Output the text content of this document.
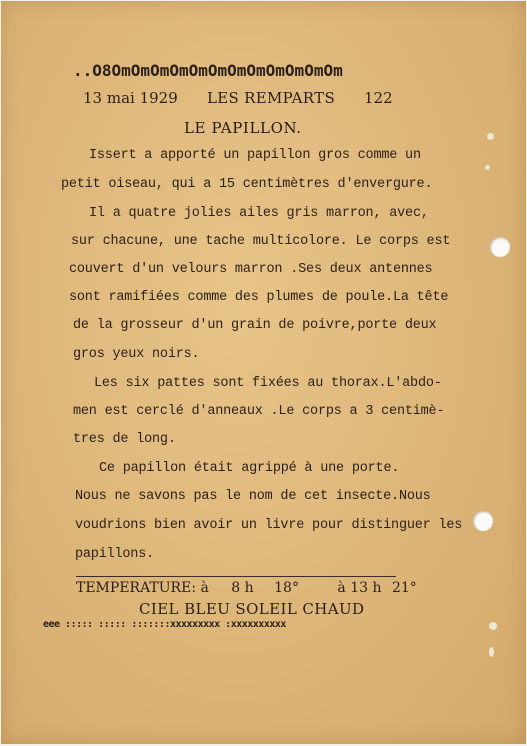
..O8OmOmOmOmOmOmOmOmOmOmOmOm
13 mai 1929 LES REMPARTS 122
LE PAPILLON.
Issert a apporté un papillon gros comme un
petit oiseau, qui a 15 centimètres d'envergure.
Il a quatre jolies ailes gris marron, avec,
sur chacune, une tache multicolore. Le corps est
couvert d'un velours marron .Ses deux antennes
sont ramifiées comme des plumes de poule.La tête
de la grosseur d'un grain de poivre,porte deux
gros yeux noirs.
Les six pattes sont fixées au thorax.L'abdo-
men est cerclé d'anneaux .Le corps a 3 centimè-
tres de long.
Ce papillon était agrippé à une porte.
Nous ne savons pas le nom de cet insecte.Nous
voudrions bien avoir un livre pour distinguer les
papillons.
TEMPERATURE: à 8 h 18°	à 13 h 21°
CIEL BLEU SOLEIL CHAUD
eee ::::: ::::: :::::::xxxxxxxxx :xxxxxxxxxx
